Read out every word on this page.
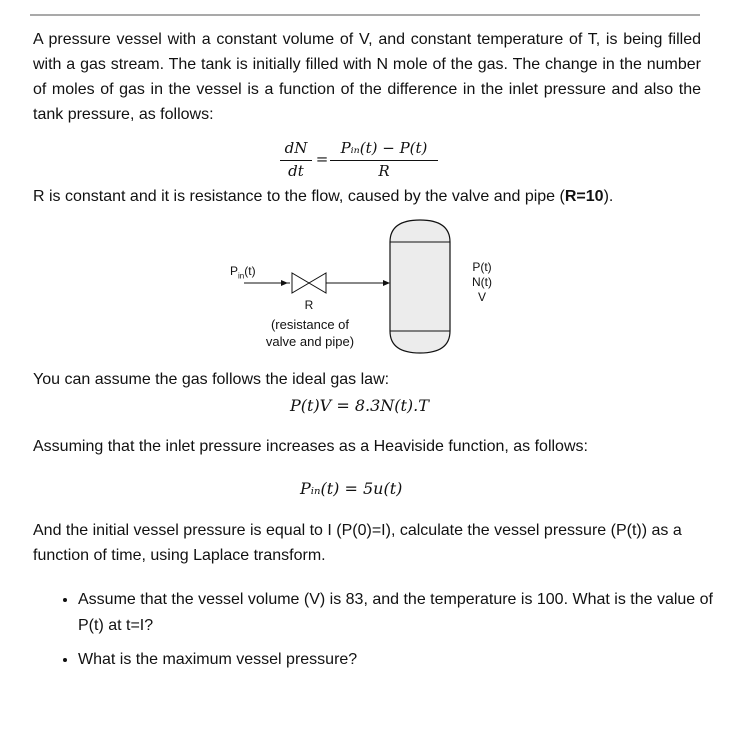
A pressure vessel with a constant volume of V, and constant temperature of T, is being filled with a gas stream. The tank is initially filled with N mole of the gas. The change in the number of moles of gas in the vessel is a function of the difference in the inlet pressure and also the tank pressure, as follows:
dN
dt
=
Pᵢₙ(t) − P(t)
R
R is constant and it is resistance to the flow, caused by the valve and pipe (R=10).
$P_{in}(t)$
R
(resistance of
valve and pipe)
P(t)
N(t)
V
You can assume the gas follows the ideal gas law:
P(t)V = 8.3N(t).T
Assuming that the inlet pressure increases as a Heaviside function, as follows:
Pᵢₙ(t) = 5u(t)
And the initial vessel pressure is equal to I (P(0)=I), calculate the vessel pressure (P(t)) as a function of time, using Laplace transform.
• Assume that the vessel volume (V) is 83, and the temperature is 100. What is the value of P(t) at t=I?
• What is the maximum vessel pressure?
